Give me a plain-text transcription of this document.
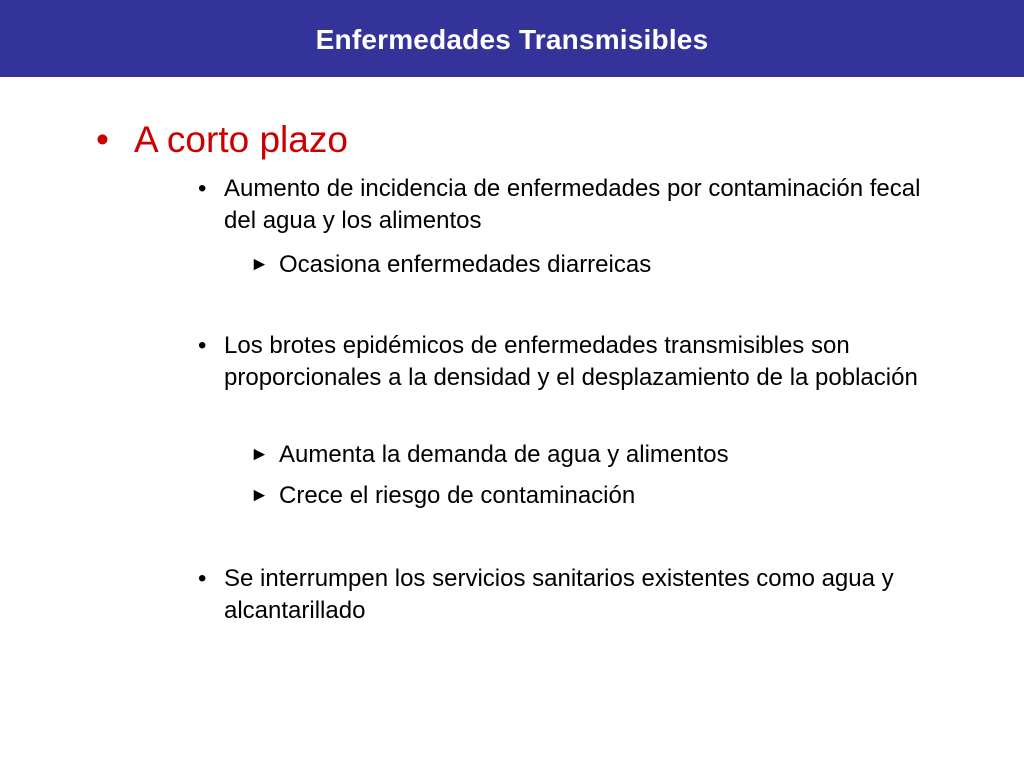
Enfermedades Transmisibles
• A corto plazo
• Aumento de incidencia de enfermedades por contaminación fecal del agua y los alimentos
► Ocasiona enfermedades diarreicas
• Los brotes epidémicos de enfermedades transmisibles son proporcionales a la densidad y el desplazamiento de la población
► Aumenta la demanda de agua y alimentos
► Crece el riesgo de contaminación
• Se interrumpen los servicios sanitarios existentes como agua y alcantarillado
